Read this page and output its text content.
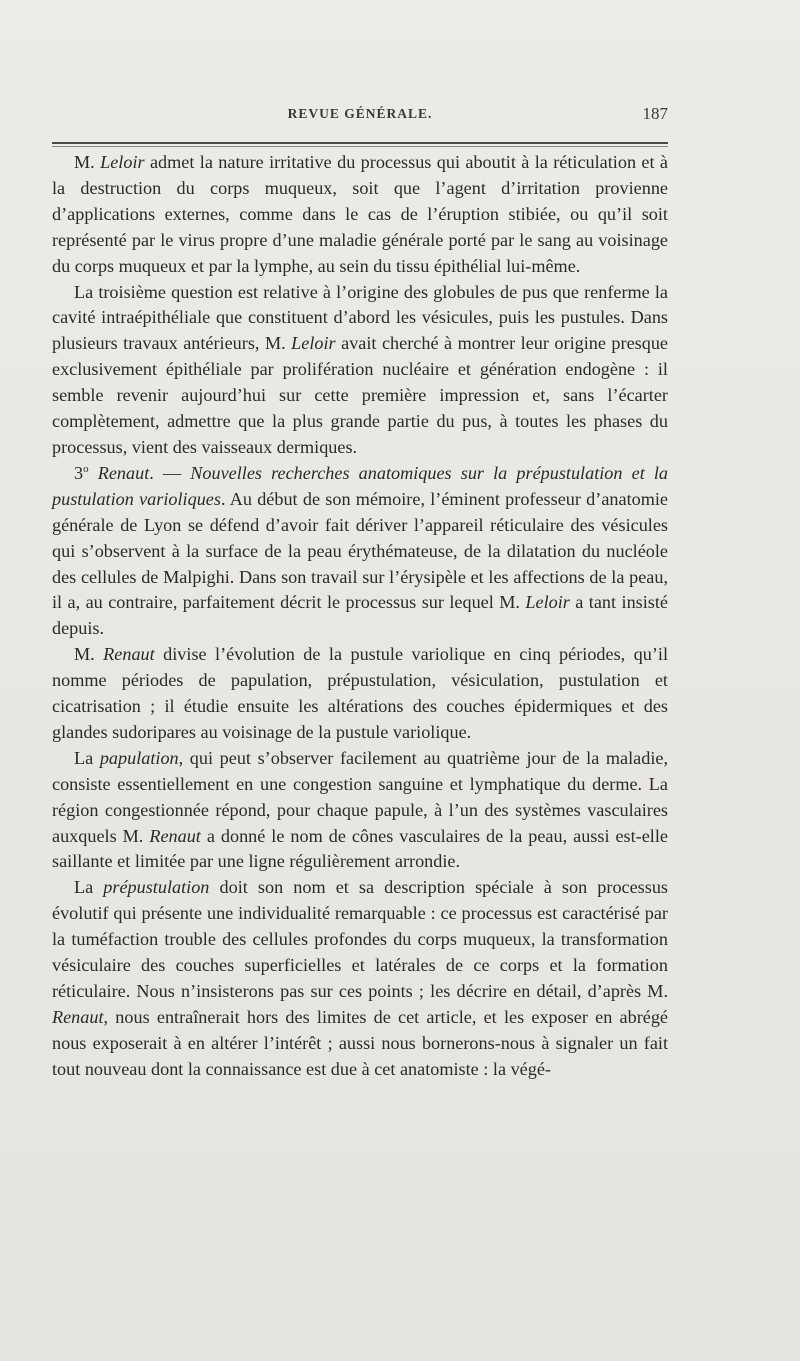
REVUE GÉNÉRALE.	187

M. Leloir admet la nature irritative du processus qui aboutit à la réticulation et à la destruction du corps muqueux, soit que l’agent d’irritation provienne d’applications externes, comme dans le cas de l’éruption stibiée, ou qu’il soit représenté par le virus propre d’une maladie générale porté par le sang au voisinage du corps muqueux et par la lymphe, au sein du tissu épithélial lui-même.

La troisième question est relative à l’origine des globules de pus que renferme la cavité intraépithéliale que constituent d’abord les vésicules, puis les pustules. Dans plusieurs travaux antérieurs, M. Leloir avait cherché à montrer leur origine presque exclusivement épithéliale par prolifération nucléaire et génération endogène : il semble revenir aujourd’hui sur cette première impression et, sans l’écarter complètement, admettre que la plus grande partie du pus, à toutes les phases du processus, vient des vaisseaux dermiques.

3$^o$ Renaut. — Nouvelles recherches anatomiques sur la prépustulation et la pustulation varioliques. Au début de son mémoire, l’éminent professeur d’anatomie générale de Lyon se défend d’avoir fait dériver l’appareil réticulaire des vésicules qui s’observent à la surface de la peau érythémateuse, de la dilatation du nucléole des cellules de Malpighi. Dans son travail sur l’érysipèle et les affections de la peau, il a, au contraire, parfaitement décrit le processus sur lequel M. Leloir a tant insisté depuis.

M. Renaut divise l’évolution de la pustule variolique en cinq périodes, qu’il nomme périodes de papulation, prépustulation, vésiculation, pustulation et cicatrisation ; il étudie ensuite les altérations des couches épidermiques et des glandes sudoripares au voisinage de la pustule variolique.

La papulation, qui peut s’observer facilement au quatrième jour de la maladie, consiste essentiellement en une congestion sanguine et lymphatique du derme. La région congestionnée répond, pour chaque papule, à l’un des systèmes vasculaires auxquels M. Renaut a donné le nom de cônes vasculaires de la peau, aussi est-elle saillante et limitée par une ligne régulièrement arrondie.

La prépustulation doit son nom et sa description spéciale à son processus évolutif qui présente une individualité remarquable : ce processus est caractérisé par la tuméfaction trouble des cellules profondes du corps muqueux, la transformation vésiculaire des couches superficielles et latérales de ce corps et la formation réticulaire. Nous n’insisterons pas sur ces points ; les décrire en détail, d’après M. Renaut, nous entraînerait hors des limites de cet article, et les exposer en abrégé nous exposerait à en altérer l’intérêt ; aussi nous bornerons-nous à signaler un fait tout nouveau dont la connaissance est due à cet anatomiste : la végé-
